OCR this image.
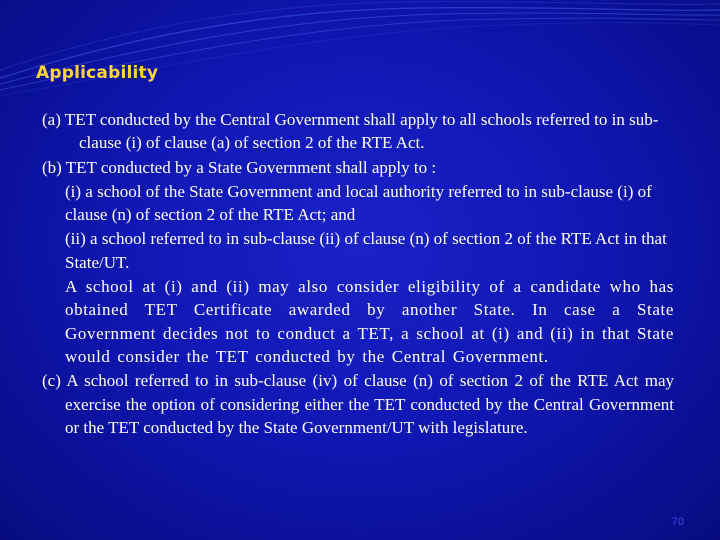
Applicability

(a) TET conducted by the Central Government shall apply to all schools referred to in sub-clause (i) of clause (a) of section 2 of the RTE Act.

(b) TET conducted by a State Government shall apply to :

(i) a school of the State Government and local authority referred to in sub-clause (i) of clause (n) of section 2 of the RTE Act; and

(ii) a school referred to in sub-clause (ii) of clause (n) of section 2 of the RTE Act in that State/UT.

A school at (i) and (ii) may also consider eligibility of a candidate who has obtained TET Certificate awarded by another State. In case a State Government decides not to conduct a TET, a school at (i) and (ii) in that State would consider the TET conducted by the Central Government.

(c) A school referred to in sub-clause (iv) of clause (n) of section 2 of the RTE Act may exercise the option of considering either the TET conducted by the Central Government or the TET conducted by the State Government/UT with legislature.

70
